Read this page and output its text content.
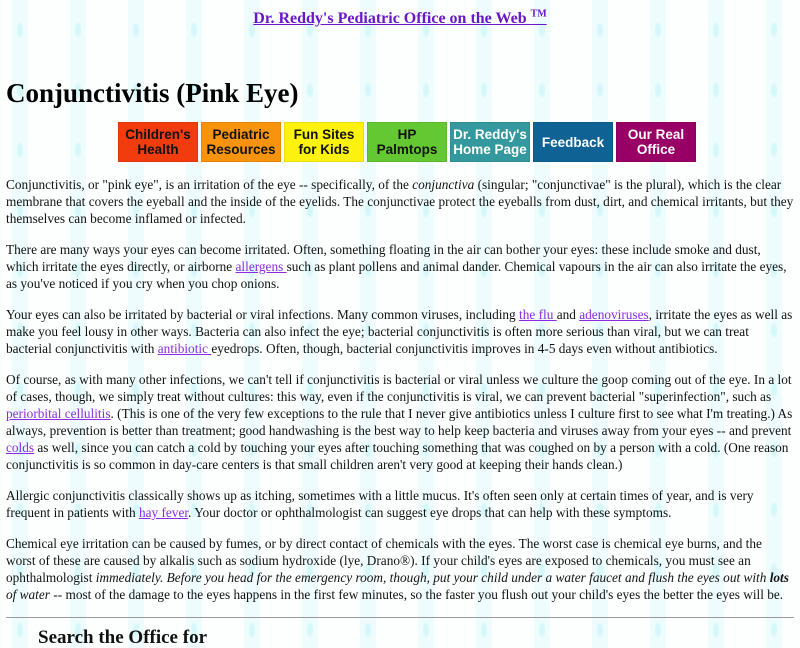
Dr. Reddy's Pediatric Office on the Web ™
Conjunctivitis (Pink Eye)
Children's Health
Pediatric Resources
Fun Sites for Kids
HP Palmtops
Dr. Reddy's Home Page	Feedback	Our Real Office

Conjunctivitis, or "pink eye", is an irritation of the eye -- specifically, of the conjunctiva (singular; "conjunctivae" is the plural), which is the clear membrane that covers the eyeball and the inside of the eyelids. The conjunctivae protect the eyeballs from dust, dirt, and chemical irritants, but they themselves can become inflamed or infected.

There are many ways your eyes can become irritated. Often, something floating in the air can bother your eyes: these include smoke and dust, which irritate the eyes directly, or airborne allergens such as plant pollens and animal dander. Chemical vapours in the air can also irritate the eyes, as you've noticed if you cry when you chop onions.

Your eyes can also be irritated by bacterial or viral infections. Many common viruses, including the flu and adenoviruses, irritate the eyes as well as make you feel lousy in other ways. Bacteria can also infect the eye; bacterial conjunctivitis is often more serious than viral, but we can treat bacterial conjunctivitis with antibiotic eyedrops. Often, though, bacterial conjunctivitis improves in 4-5 days even without antibiotics.

Of course, as with many other infections, we can't tell if conjunctivitis is bacterial or viral unless we culture the goop coming out of the eye. In a lot of cases, though, we simply treat without cultures: this way, even if the conjunctivitis is viral, we can prevent bacterial "superinfection", such as periorbital cellulitis. (This is one of the very few exceptions to the rule that I never give antibiotics unless I culture first to see what I'm treating.) As always, prevention is better than treatment; good handwashing is the best way to help keep bacteria and viruses away from your eyes -- and prevent colds as well, since you can catch a cold by touching your eyes after touching something that was coughed on by a person with a cold. (One reason conjunctivitis is so common in day-care centers is that small children aren't very good at keeping their hands clean.)

Allergic conjunctivitis classically shows up as itching, sometimes with a little mucus. It's often seen only at certain times of year, and is very frequent in patients with hay fever. Your doctor or ophthalmologist can suggest eye drops that can help with these symptoms.

Chemical eye irritation can be caused by fumes, or by direct contact of chemicals with the eyes. The worst case is chemical eye burns, and the worst of these are caused by alkalis such as sodium hydroxide (lye, Drano®). If your child's eyes are exposed to chemicals, you must see an ophthalmologist immediately. Before you head for the emergency room, though, put your child under a water faucet and flush the eyes out with lots of water -- most of the damage to the eyes happens in the first few minutes, so the faster you flush out your child's eyes the better the eyes will be.

Search the Office for
